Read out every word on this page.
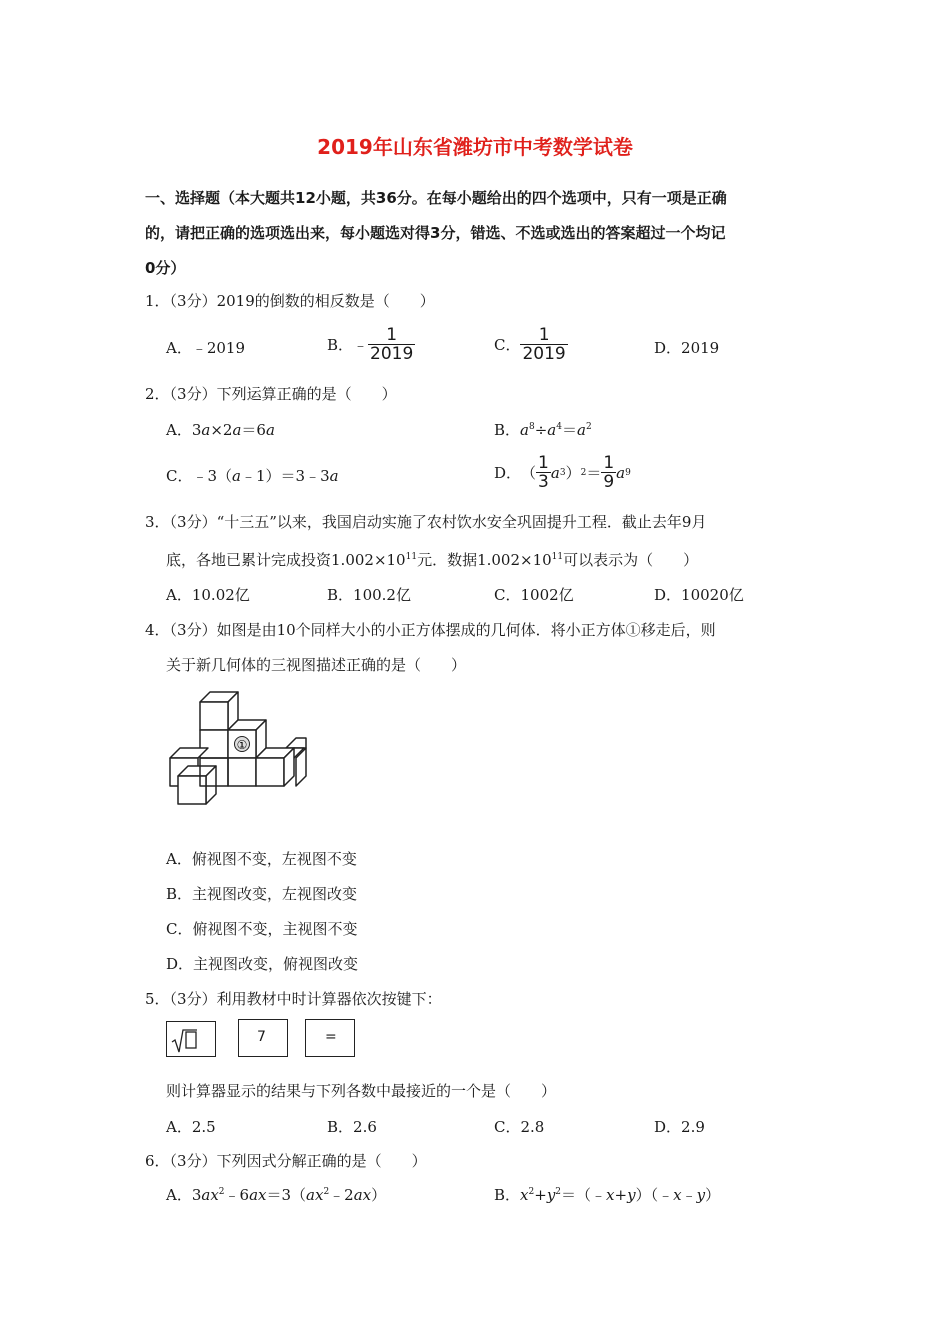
2019年山东省潍坊市中考数学试卷
一、选择题（本大题共12小题，共36分。在每小题给出的四个选项中，只有一项是正确
的，请把正确的选项选出来，每小题选对得3分，错选、不选或选出的答案超过一个均记
0分）
1．（3分）2019的倒数的相反数是（　　）
A．﹣2019	B． ﹣ $\frac{1}{2019}$	C． $\frac{1}{2019}$	D．2019
2．（3分）下列运算正确的是（　　）
A．3a×2a＝6a	B．$a^8\div a^4=a^2$
C．﹣3（a﹣1）＝3﹣3a	D． （ $\frac{1}{3}$ a 3 ） $2 = \frac{1}{9}$ a 9
3．（3分）“十三五”以来，我国启动实施了农村饮水安全巩固提升工程．截止去年9月
底，各地已累计完成投资$1.002\times 10^{11}$元．数据$1.002\times 10^{11}$可以表示为（　　）
A．10.02亿	B．100.2亿	C．1002亿	D．10020亿
4．（3分）如图是由10个同样大小的小正方体摆成的几何体．将小正方体①移走后，则
关于新几何体的三视图描述正确的是（　　）
①
A．俯视图不变，左视图不变
B．主视图改变，左视图改变
C．俯视图不变，主视图不变
D．主视图改变，俯视图改变
5．（3分）利用教材中时计算器依次按键下：
7	=
则计算器显示的结果与下列各数中最接近的一个是（　　）
A．2.5	B．2.6	C．2.8	D．2.9
6．（3分）下列因式分解正确的是（　　）
A．$3ax^2﹣6ax=3(ax^2﹣2ax)$	B．$x^2+y^2=(﹣x+y)(﹣x﹣y)$
